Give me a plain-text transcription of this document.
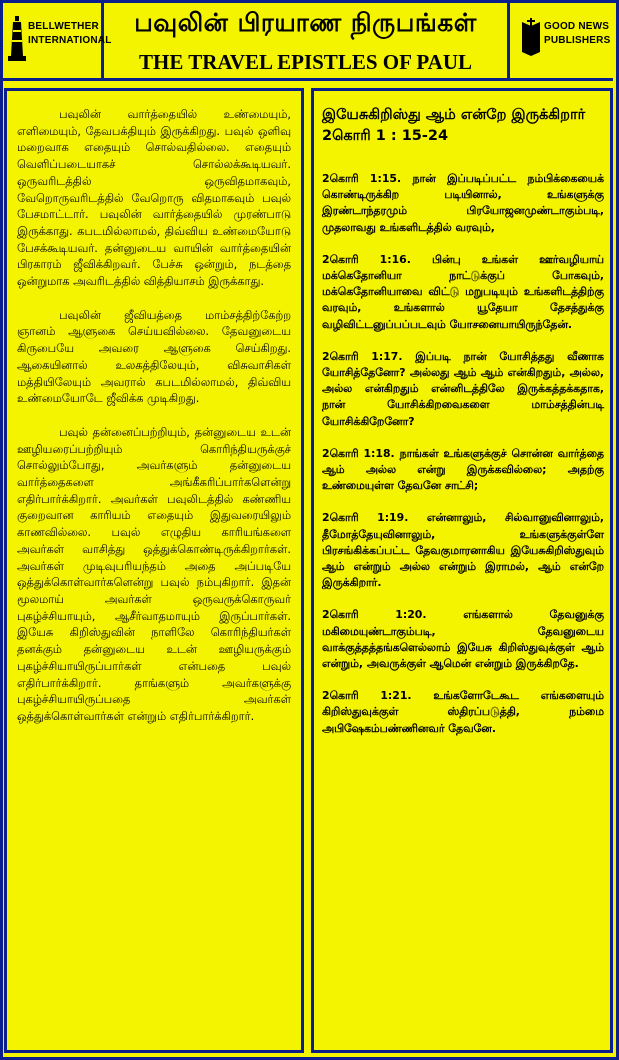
BELLWETHER
INTERNATIONAL
பவுலின் பிரயாண நிருபங்கள்
THE TRAVEL EPISTLES OF PAUL
GOOD NEWS
PUBLISHERS

பவுலின் வார்த்தையில் உண்மையும், எளிமையும், தேவபக்தியும் இருக்கிறது. பவுல் ஒளிவு மறைவாக எதையும் சொல்வதில்லை. எதையும் வெளிப்படையாகச் சொல்லக்கூடியவர். ஒருவரிடத்தில் ஒருவிதமாகவும், வேறொருவரிடத்தில் வேறொரு விதமாகவும் பவுல் பேசமாட்டார். பவுலின் வார்த்தையில் முரண்பாடு இருக்காது. கபடமில்லாமல், திவ்விய உண்மையோடு பேசக்கூடியவர். தன்னுடைய வாயின் வார்த்தையின் பிரகாரம் ஜீவிக்கிறவர். பேச்சு ஒன்றும், நடத்தை ஒன்றுமாக அவரிடத்தில் வித்தியாசம் இருக்காது.

பவுலின் ஜீவியத்தை மாம்சத்திற்கேற்ற ஞானம் ஆளுகை செய்யவில்லை. தேவனுடைய கிருபையே அவரை ஆளுகை செய்கிறது. ஆகையினால் உலகத்திலேயும், விசுவாசிகள் மத்தியிலேயும் அவரால் கபடமில்லாமல், திவ்விய உண்மையோடே ஜீவிக்க முடிகிறது.

பவுல் தன்னைப்பற்றியும், தன்னுடைய உடன் ஊழியரைப்பற்றியும் கொரிந்தியருக்குச் சொல்லும்போது, அவர்களும் தன்னுடைய வார்த்தைகளை அங்கீகரிப்பார்களென்று எதிர்பார்க்கிறார். அவர்கள் பவுலிடத்தில் கண்ணிய குறைவான காரியம் எதையும் இதுவரையிலும் காணவில்லை. பவுல் எழுதிய காரியங்களை அவர்கள் வாசித்து ஒத்துக்கொண்டிருக்கிறார்கள். அவர்கள் முடிவுபரியந்தம் அதை அப்படியே ஒத்துக்கொள்வார்களென்று பவுல் நம்புகிறார். இதன் மூலமாய் அவர்கள் ஒருவருக்கொருவர் புகழ்ச்சியாயும், ஆசீர்வாதமாயும் இருப்பார்கள். இயேசு கிறிஸ்துவின் நாளிலே கொரிந்தியர்கள் தனக்கும் தன்னுடைய உடன் ஊழியருக்கும் புகழ்ச்சியாயிருப்பார்கள் என்பதை பவுல் எதிர்பார்க்கிறார். தாங்களும் அவர்களுக்கு புகழ்ச்சியாயிருப்பதை அவர்கள் ஒத்துக்கொள்வார்கள் என்றும் எதிர்பார்க்கிறார்.

இயேசுகிறிஸ்து ஆம் என்றே இருக்கிறார்
2கொரி 1 : 15-24
2கொரி 1:15. நான் இப்படிப்பட்ட நம்பிக்கையைக் கொண்டிருக்கிற படியினால், உங்களுக்கு இரண்டாந்தரமும் பிரயோஜனமுண்டாகும்படி, முதலாவது உங்களிடத்தில் வரவும்,
2கொரி 1:16. பின்பு உங்கள் ஊர்வழியாய் மக்கெதோனியா நாட்டுக்குப் போகவும், மக்கெதோனியாவை விட்டு மறுபடியும் உங்களிடத்திற்கு வரவும், உங்களால் யூதேயா தேசத்துக்கு வழிவிட்டனுப்பப்படவும் யோசனையாயிருந்தேன்.
2கொரி 1:17. இப்படி நான் யோசித்தது வீணாக யோசித்தேனோ? அல்லது ஆம் ஆம் என்கிறதும், அல்ல, அல்ல என்கிறதும் என்னிடத்திலே இருக்கத்தக்கதாக, நான் யோசிக்கிறவைகளை மாம்சத்தின்படி யோசிக்கிறேனோ?
2கொரி 1:18. நாங்கள் உங்களுக்குச் சொன்ன வார்த்தை ஆம் அல்ல என்று இருக்கவில்லை; அதற்கு உண்மையுள்ள தேவனே சாட்சி;
2கொரி 1:19. என்னாலும், சில்வானுவினாலும், தீமோத்தேயுவினாலும், உங்களுக்குள்ளே பிரசங்கிக்கப்பட்ட தேவகுமாரனாகிய இயேசுகிறிஸ்துவும் ஆம் என்றும் அல்ல என்றும் இராமல், ஆம் என்றே இருக்கிறார்.
2கொரி 1:20. எங்களால் தேவனுக்கு மகிமையுண்டாகும்படி, தேவனுடைய வாக்குத்தத்தங்களெல்லாம் இயேசு கிறிஸ்துவுக்குள் ஆம் என்றும், அவருக்குள் ஆமென் என்றும் இருக்கிறதே.
2கொரி 1:21. உங்களோடேகூட எங்களையும் கிறிஸ்துவுக்குள் ஸ்திரப்படுத்தி, நம்மை அபிஷேகம்பண்ணினவர் தேவனே.
